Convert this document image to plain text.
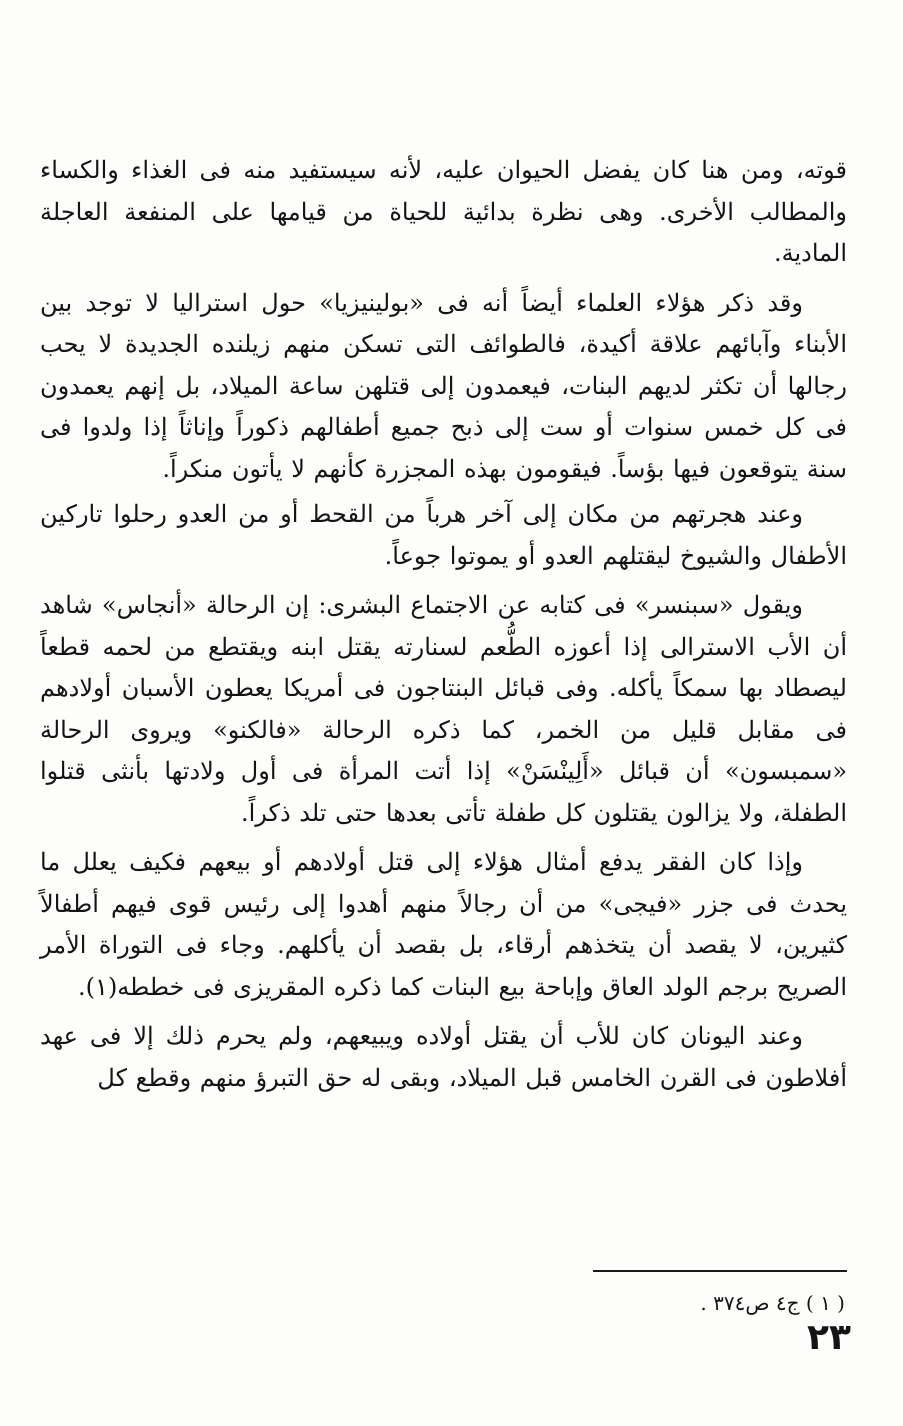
قوته، ومن هنا كان يفضل الحيوان عليه، لأنه سيستفيد منه فى الغذاء والكساء والمطالب الأخرى. وهى نظرة بدائية للحياة من قيامها على المنفعة العاجلة المادية.

وقد ذكر هؤلاء العلماء أيضاً أنه فى «بولينيزيا» حول استراليا لا توجد بين الأبناء وآبائهم علاقة أكيدة، فالطوائف التى تسكن منهم زيلنده الجديدة لا يحب رجالها أن تكثر لديهم البنات، فيعمدون إلى قتلهن ساعة الميلاد، بل إنهم يعمدون فى كل خمس سنوات أو ست إلى ذبح جميع أطفالهم ذكوراً وإناثاً إذا ولدوا فى سنة يتوقعون فيها بؤساً. فيقومون بهذه المجزرة كأنهم لا يأتون منكراً.

وعند هجرتهم من مكان إلى آخر هرباً من القحط أو من العدو رحلوا تاركين الأطفال والشيوخ ليقتلهم العدو أو يموتوا جوعاً.

ويقول «سبنسر» فى كتابه عن الاجتماع البشرى: إن الرحالة «أنجاس» شاهد أن الأب الاسترالى إذا أعوزه الطُّعم لسنارته يقتل ابنه ويقتطع من لحمه قطعاً ليصطاد بها سمكاً يأكله. وفى قبائل البنتاجون فى أمريكا يعطون الأسبان أولادهم فى مقابل قليل من الخمر، كما ذكره الرحالة «فالكنو» ويروى الرحالة «سمبسون» أن قبائل «أَلِينْسَنْ» إذا أتت المرأة فى أول ولادتها بأنثى قتلوا الطفلة، ولا يزالون يقتلون كل طفلة تأتى بعدها حتى تلد ذكراً.

وإذا كان الفقر يدفع أمثال هؤلاء إلى قتل أولادهم أو بيعهم فكيف يعلل ما يحدث فى جزر «فيجى» من أن رجالاً منهم أهدوا إلى رئيس قوى فيهم أطفالاً كثيرين، لا يقصد أن يتخذهم أرقاء، بل بقصد أن يأكلهم. وجاء فى التوراة الأمر الصريح برجم الولد العاق وإباحة بيع البنات كما ذكره المقريزى فى خططه(١).

وعند اليونان كان للأب أن يقتل أولاده ويبيعهم، ولم يحرم ذلك إلا فى عهد أفلاطون فى القرن الخامس قبل الميلاد، وبقى له حق التبرؤ منهم وقطع كل

( ١ ) ج٤ ص٣٧٤ .
٢٣
